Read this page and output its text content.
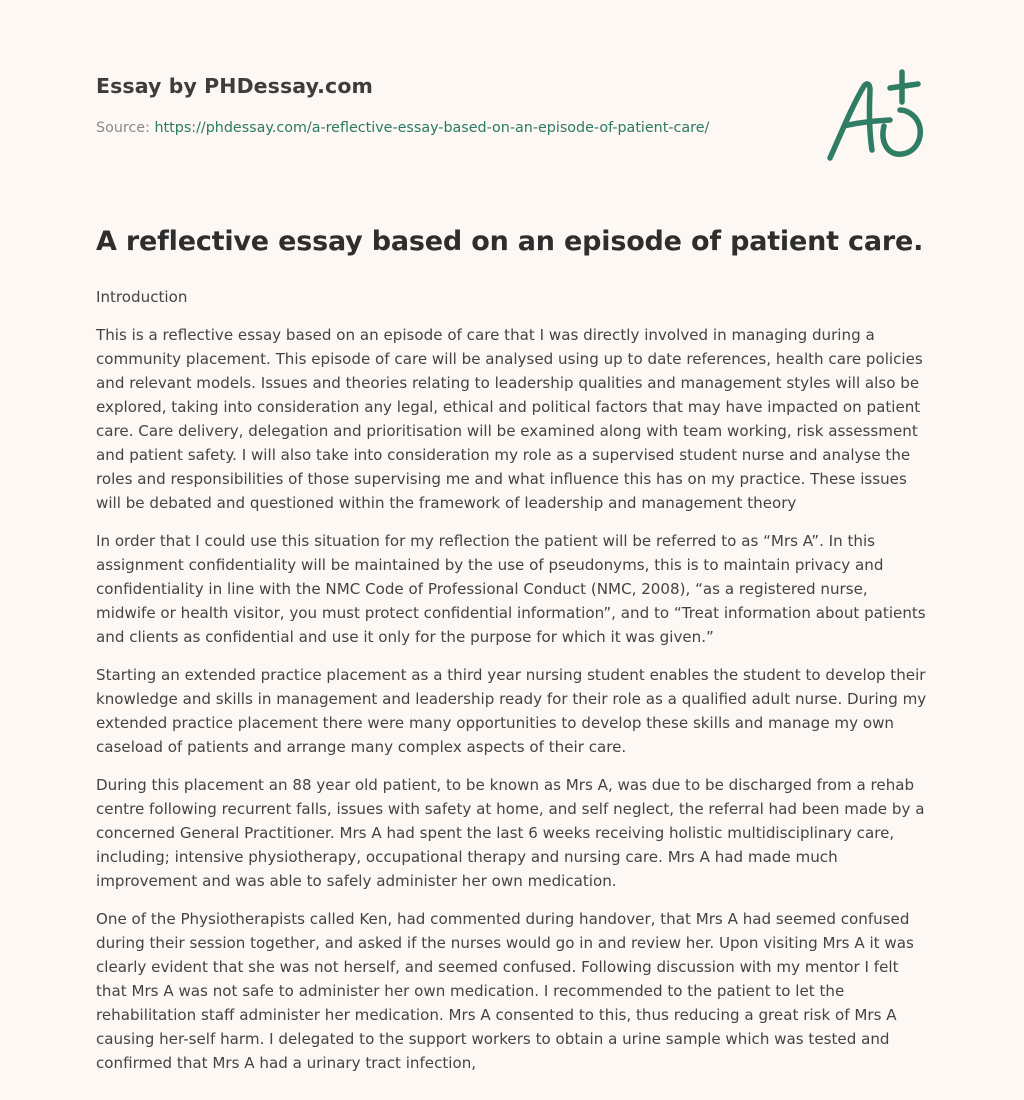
Essay by PHDessay.com
Source: https://phdessay.com/a-reflective-essay-based-on-an-episode-of-patient-care/
A reflective essay based on an episode of patient care.

Introduction

This is a reflective essay based on an episode of care that I was directly involved in managing during a community placement. This episode of care will be analysed using up to date references, health care policies and relevant models. Issues and theories relating to leadership qualities and management styles will also be explored, taking into consideration any legal, ethical and political factors that may have impacted on patient care. Care delivery, delegation and prioritisation will be examined along with team working, risk assessment and patient safety. I will also take into consideration my role as a supervised student nurse and analyse the roles and responsibilities of those supervising me and what influence this has on my practice. These issues will be debated and questioned within the framework of leadership and management theory

In order that I could use this situation for my reflection the patient will be referred to as “Mrs A”. In this assignment confidentiality will be maintained by the use of pseudonyms, this is to maintain privacy and confidentiality in line with the NMC Code of Professional Conduct (NMC, 2008), “as a registered nurse, midwife or health visitor, you must protect confidential information”, and to “Treat information about patients and clients as confidential and use it only for the purpose for which it was given.”

Starting an extended practice placement as a third year nursing student enables the student to develop their knowledge and skills in management and leadership ready for their role as a qualified adult nurse. During my extended practice placement there were many opportunities to develop these skills and manage my own caseload of patients and arrange many complex aspects of their care.

During this placement an 88 year old patient, to be known as Mrs A, was due to be discharged from a rehab centre following recurrent falls, issues with safety at home, and self neglect, the referral had been made by a concerned General Practitioner. Mrs A had spent the last 6 weeks receiving holistic multidisciplinary care, including; intensive physiotherapy, occupational therapy and nursing care. Mrs A had made much improvement and was able to safely administer her own medication.

One of the Physiotherapists called Ken, had commented during handover, that Mrs A had seemed confused during their session together, and asked if the nurses would go in and review her. Upon visiting Mrs A it was clearly evident that she was not herself, and seemed confused. Following discussion with my mentor I felt that Mrs A was not safe to administer her own medication. I recommended to the patient to let the rehabilitation staff administer her medication. Mrs A consented to this, thus reducing a great risk of Mrs A causing her-self harm. I delegated to the support workers to obtain a urine sample which was tested and confirmed that Mrs A had a urinary tract infection,
